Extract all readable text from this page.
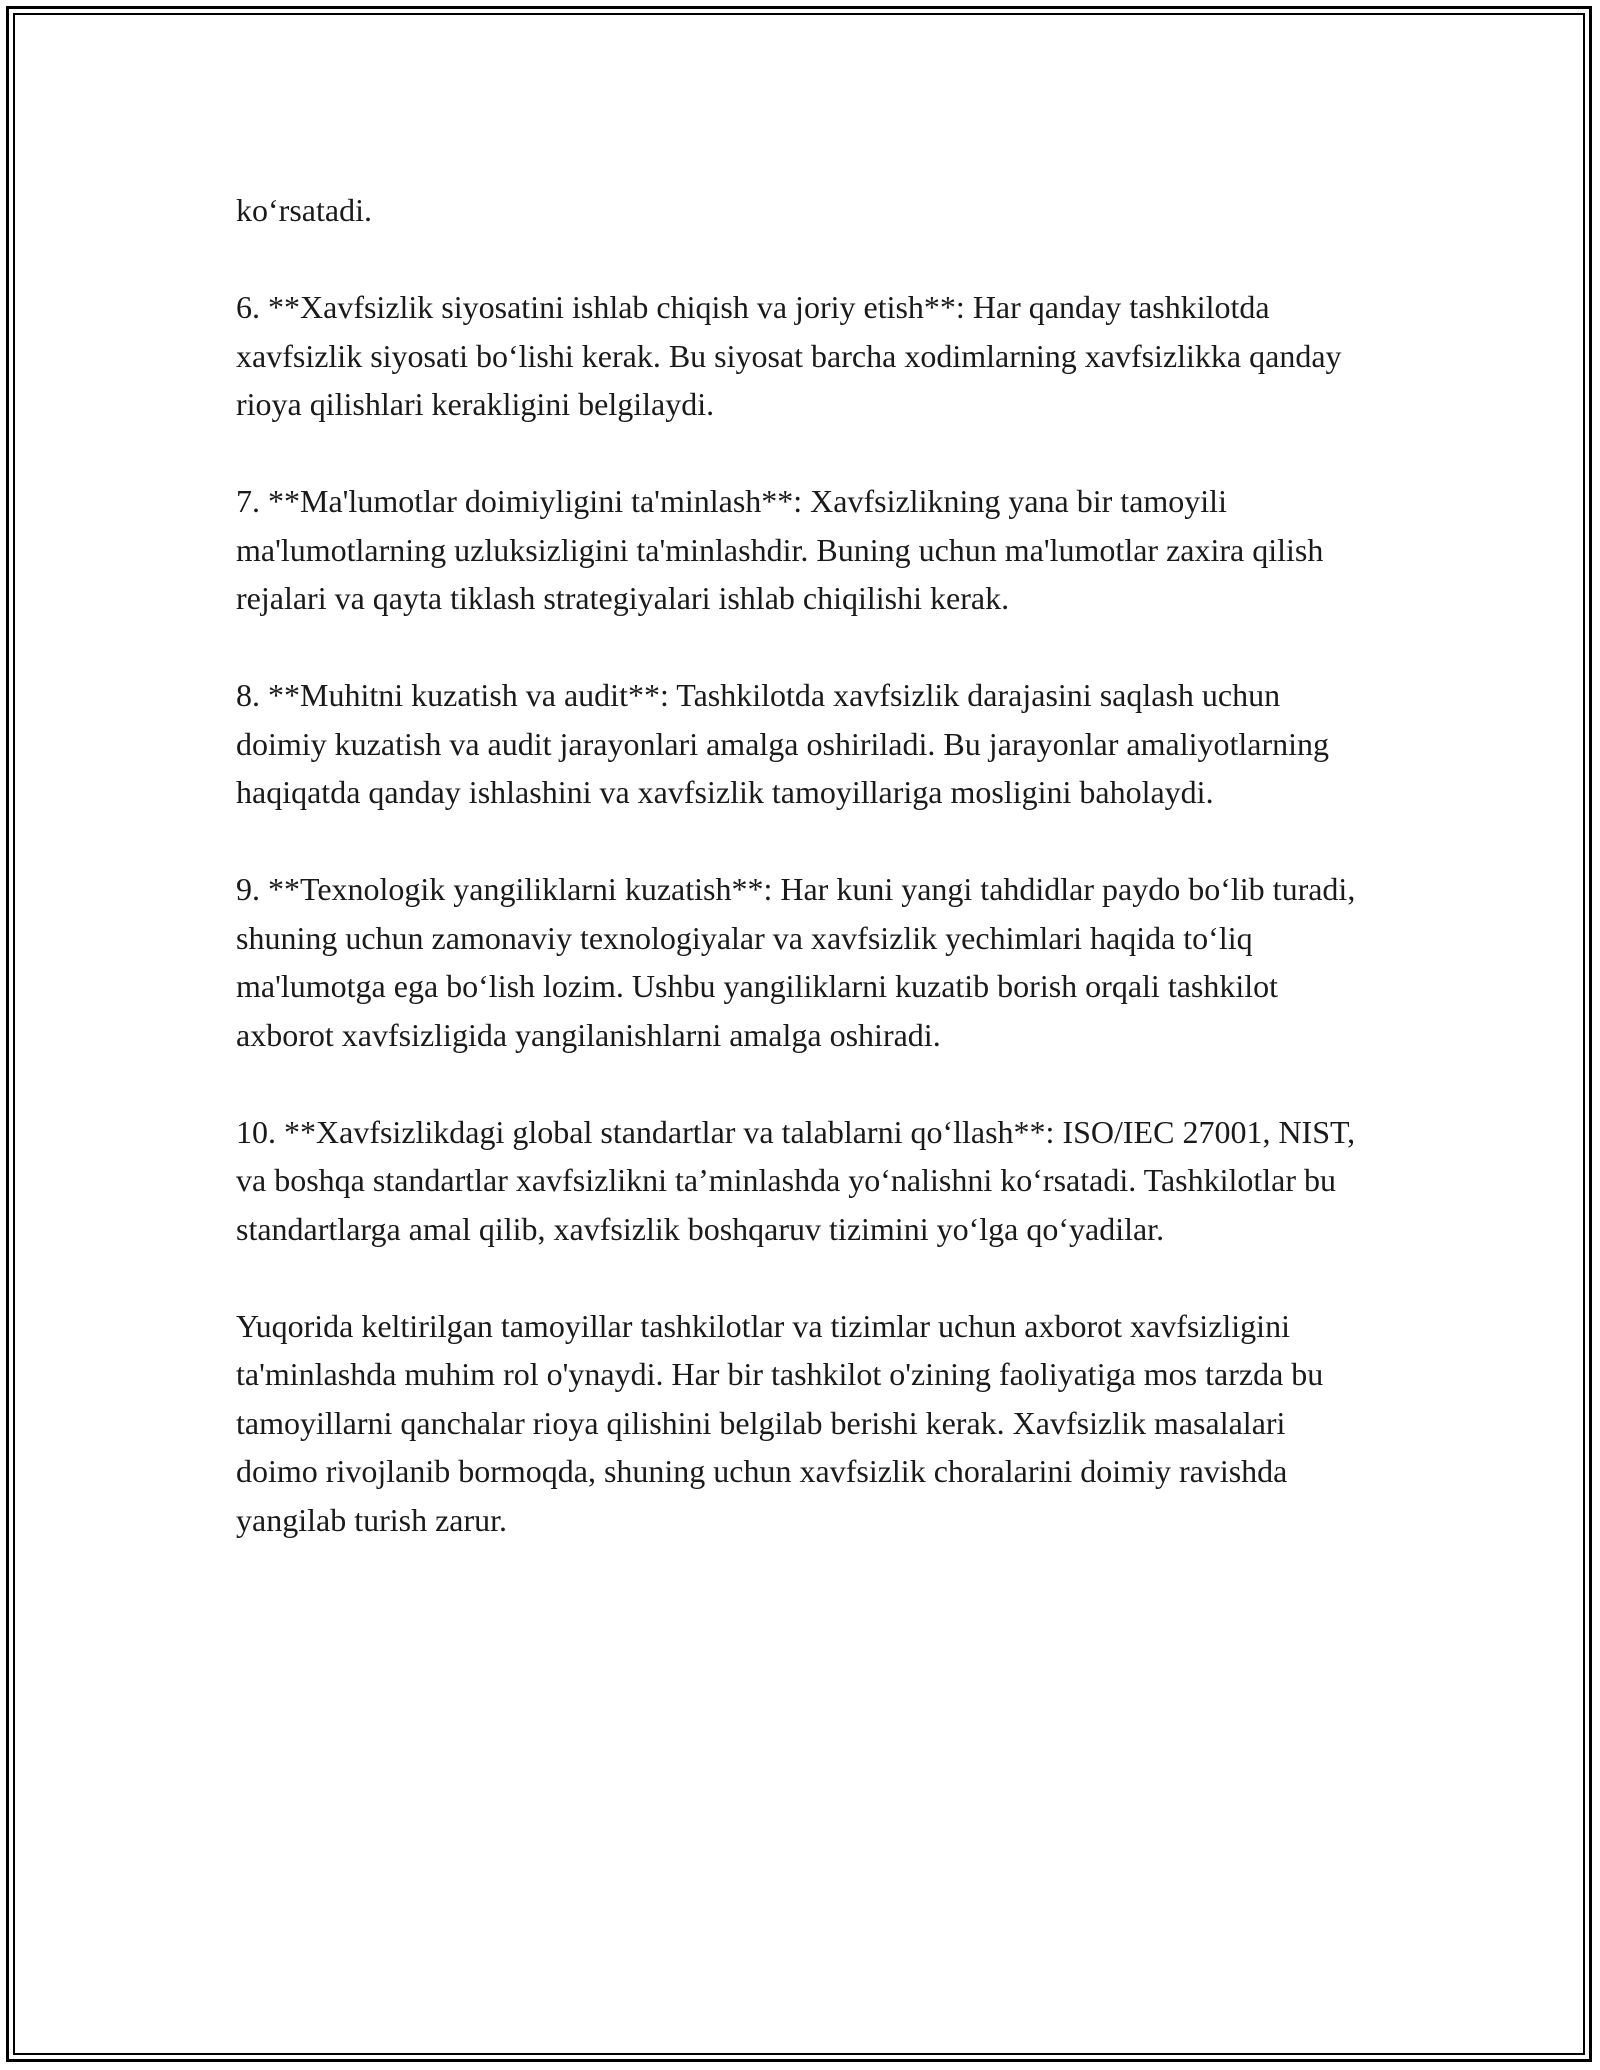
ko‘rsatadi.

6. **Xavfsizlik siyosatini ishlab chiqish va joriy etish**: Har qanday tashkilotda xavfsizlik siyosati bo‘lishi kerak. Bu siyosat barcha xodimlarning xavfsizlikka qanday rioya qilishlari kerakligini belgilaydi.

7. **Ma'lumotlar doimiyligini ta'minlash**: Xavfsizlikning yana bir tamoyili ma'lumotlarning uzluksizligini ta'minlashdir. Buning uchun ma'lumotlar zaxira qilish rejalari va qayta tiklash strategiyalari ishlab chiqilishi kerak.

8. **Muhitni kuzatish va audit**: Tashkilotda xavfsizlik darajasini saqlash uchun doimiy kuzatish va audit jarayonlari amalga oshiriladi. Bu jarayonlar amaliyotlarning haqiqatda qanday ishlashini va xavfsizlik tamoyillariga mosligini baholaydi.

9. **Texnologik yangiliklarni kuzatish**: Har kuni yangi tahdidlar paydo bo‘lib turadi, shuning uchun zamonaviy texnologiyalar va xavfsizlik yechimlari haqida to‘liq ma'lumotga ega bo‘lish lozim. Ushbu yangiliklarni kuzatib borish orqali tashkilot axborot xavfsizligida yangilanishlarni amalga oshiradi.

10. **Xavfsizlikdagi global standartlar va talablarni qo‘llash**: ISO/IEC 27001, NIST, va boshqa standartlar xavfsizlikni ta’minlashda yo‘nalishni ko‘rsatadi. Tashkilotlar bu standartlarga amal qilib, xavfsizlik boshqaruv tizimini yo‘lga qo‘yadilar.

Yuqorida keltirilgan tamoyillar tashkilotlar va tizimlar uchun axborot xavfsizligini ta'minlashda muhim rol o'ynaydi. Har bir tashkilot o'zining faoliyatiga mos tarzda bu tamoyillarni qanchalar rioya qilishini belgilab berishi kerak. Xavfsizlik masalalari doimo rivojlanib bormoqda, shuning uchun xavfsizlik choralarini doimiy ravishda yangilab turish zarur.
